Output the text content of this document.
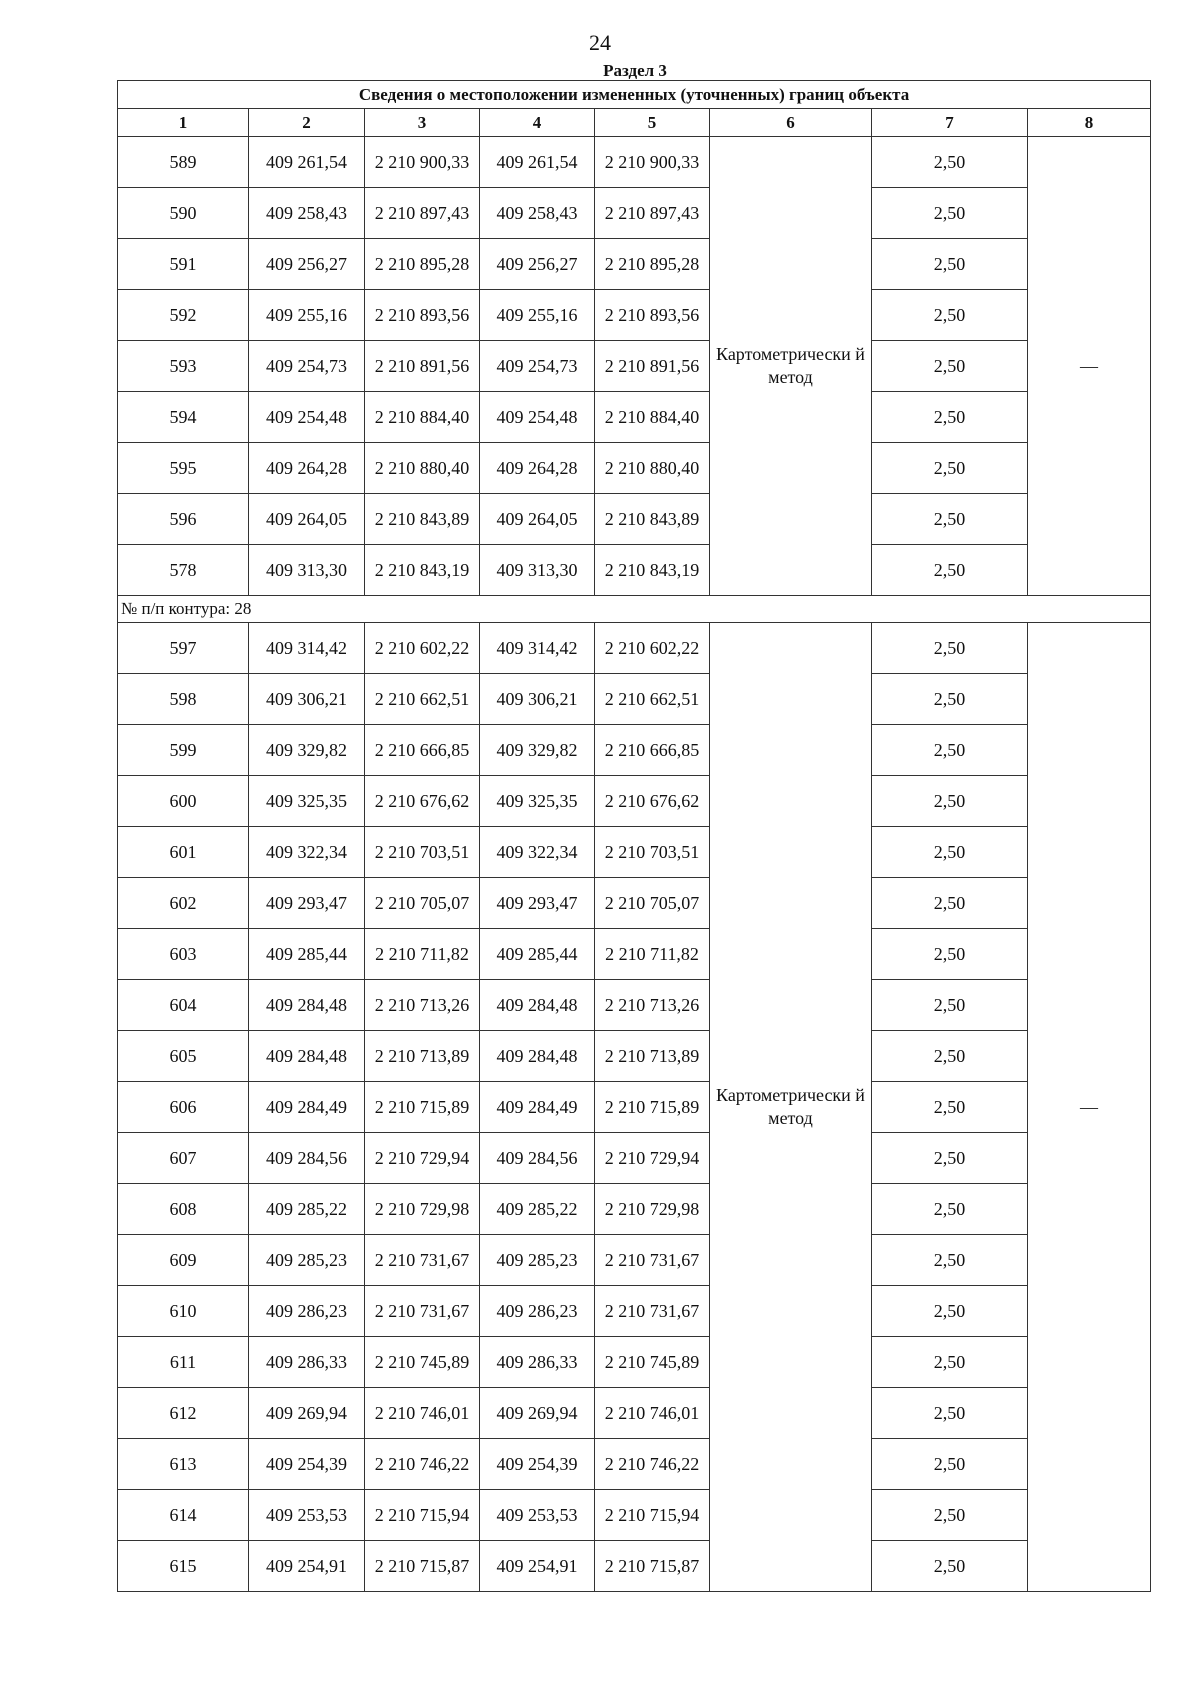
24
Раздел 3
Сведения о местоположении измененных (уточненных) границ объекта							
1	2	3	4	5	6	7	8
589	409 261,54	2 210 900,33	409 261,54	2 210 900,33	Картометрически й метод	2,50	—
590	409 258,43	2 210 897,43	409 258,43	2 210 897,43		2,50	
591	409 256,27	2 210 895,28	409 256,27	2 210 895,28		2,50	
592	409 255,16	2 210 893,56	409 255,16	2 210 893,56		2,50	
593	409 254,73	2 210 891,56	409 254,73	2 210 891,56		2,50	
594	409 254,48	2 210 884,40	409 254,48	2 210 884,40		2,50	
595	409 264,28	2 210 880,40	409 264,28	2 210 880,40		2,50	
596	409 264,05	2 210 843,89	409 264,05	2 210 843,89		2,50	
578	409 313,30	2 210 843,19	409 313,30	2 210 843,19		2,50	
№ п/п контура: 28							
597	409 314,42	2 210 602,22	409 314,42	2 210 602,22	Картометрически й метод	2,50	—
598	409 306,21	2 210 662,51	409 306,21	2 210 662,51		2,50	
599	409 329,82	2 210 666,85	409 329,82	2 210 666,85		2,50	
600	409 325,35	2 210 676,62	409 325,35	2 210 676,62		2,50	
601	409 322,34	2 210 703,51	409 322,34	2 210 703,51		2,50	
602	409 293,47	2 210 705,07	409 293,47	2 210 705,07		2,50	
603	409 285,44	2 210 711,82	409 285,44	2 210 711,82		2,50	
604	409 284,48	2 210 713,26	409 284,48	2 210 713,26		2,50	
605	409 284,48	2 210 713,89	409 284,48	2 210 713,89		2,50	
606	409 284,49	2 210 715,89	409 284,49	2 210 715,89		2,50	
607	409 284,56	2 210 729,94	409 284,56	2 210 729,94		2,50	
608	409 285,22	2 210 729,98	409 285,22	2 210 729,98		2,50	
609	409 285,23	2 210 731,67	409 285,23	2 210 731,67		2,50	
610	409 286,23	2 210 731,67	409 286,23	2 210 731,67		2,50	
611	409 286,33	2 210 745,89	409 286,33	2 210 745,89		2,50	
612	409 269,94	2 210 746,01	409 269,94	2 210 746,01		2,50	
613	409 254,39	2 210 746,22	409 254,39	2 210 746,22		2,50	
614	409 253,53	2 210 715,94	409 253,53	2 210 715,94		2,50	
615	409 254,91	2 210 715,87	409 254,91	2 210 715,87		2,50	
